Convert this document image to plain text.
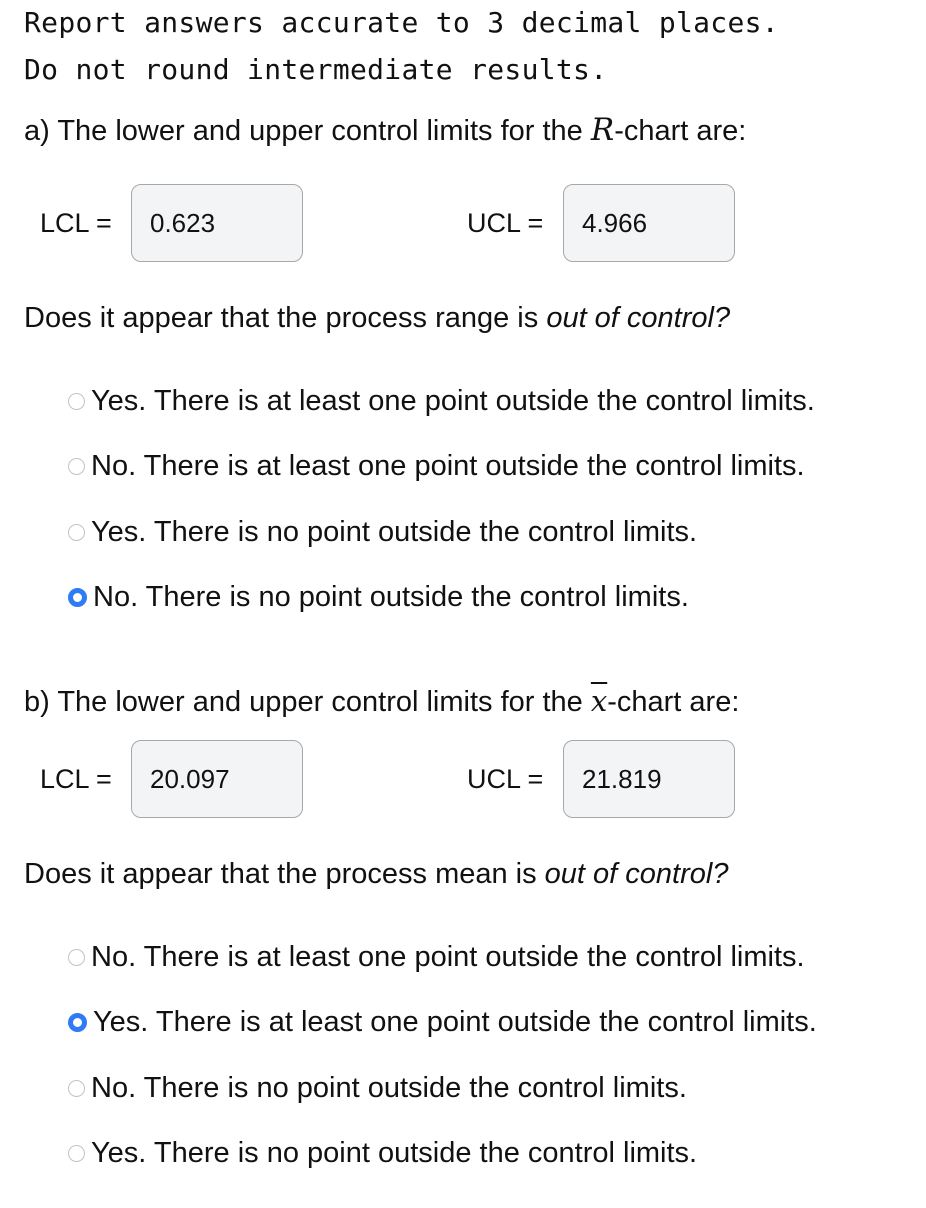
Report answers accurate to 3 decimal places.
Do not round intermediate results.
a) The lower and upper control limits for the R-chart are:
LCL =
0.623	UCL =
4.966
Does it appear that the process range is out of control?
Yes. There is at least one point outside the control limits.
No. There is at least one point outside the control limits.
Yes. There is no point outside the control limits.
No. There is no point outside the control limits.
b) The lower and upper control limits for the $\overline{x}$-chart are:
LCL =
20.097	UCL =
21.819
Does it appear that the process mean is out of control?
No. There is at least one point outside the control limits.
Yes. There is at least one point outside the control limits.
No. There is no point outside the control limits.
Yes. There is no point outside the control limits.
